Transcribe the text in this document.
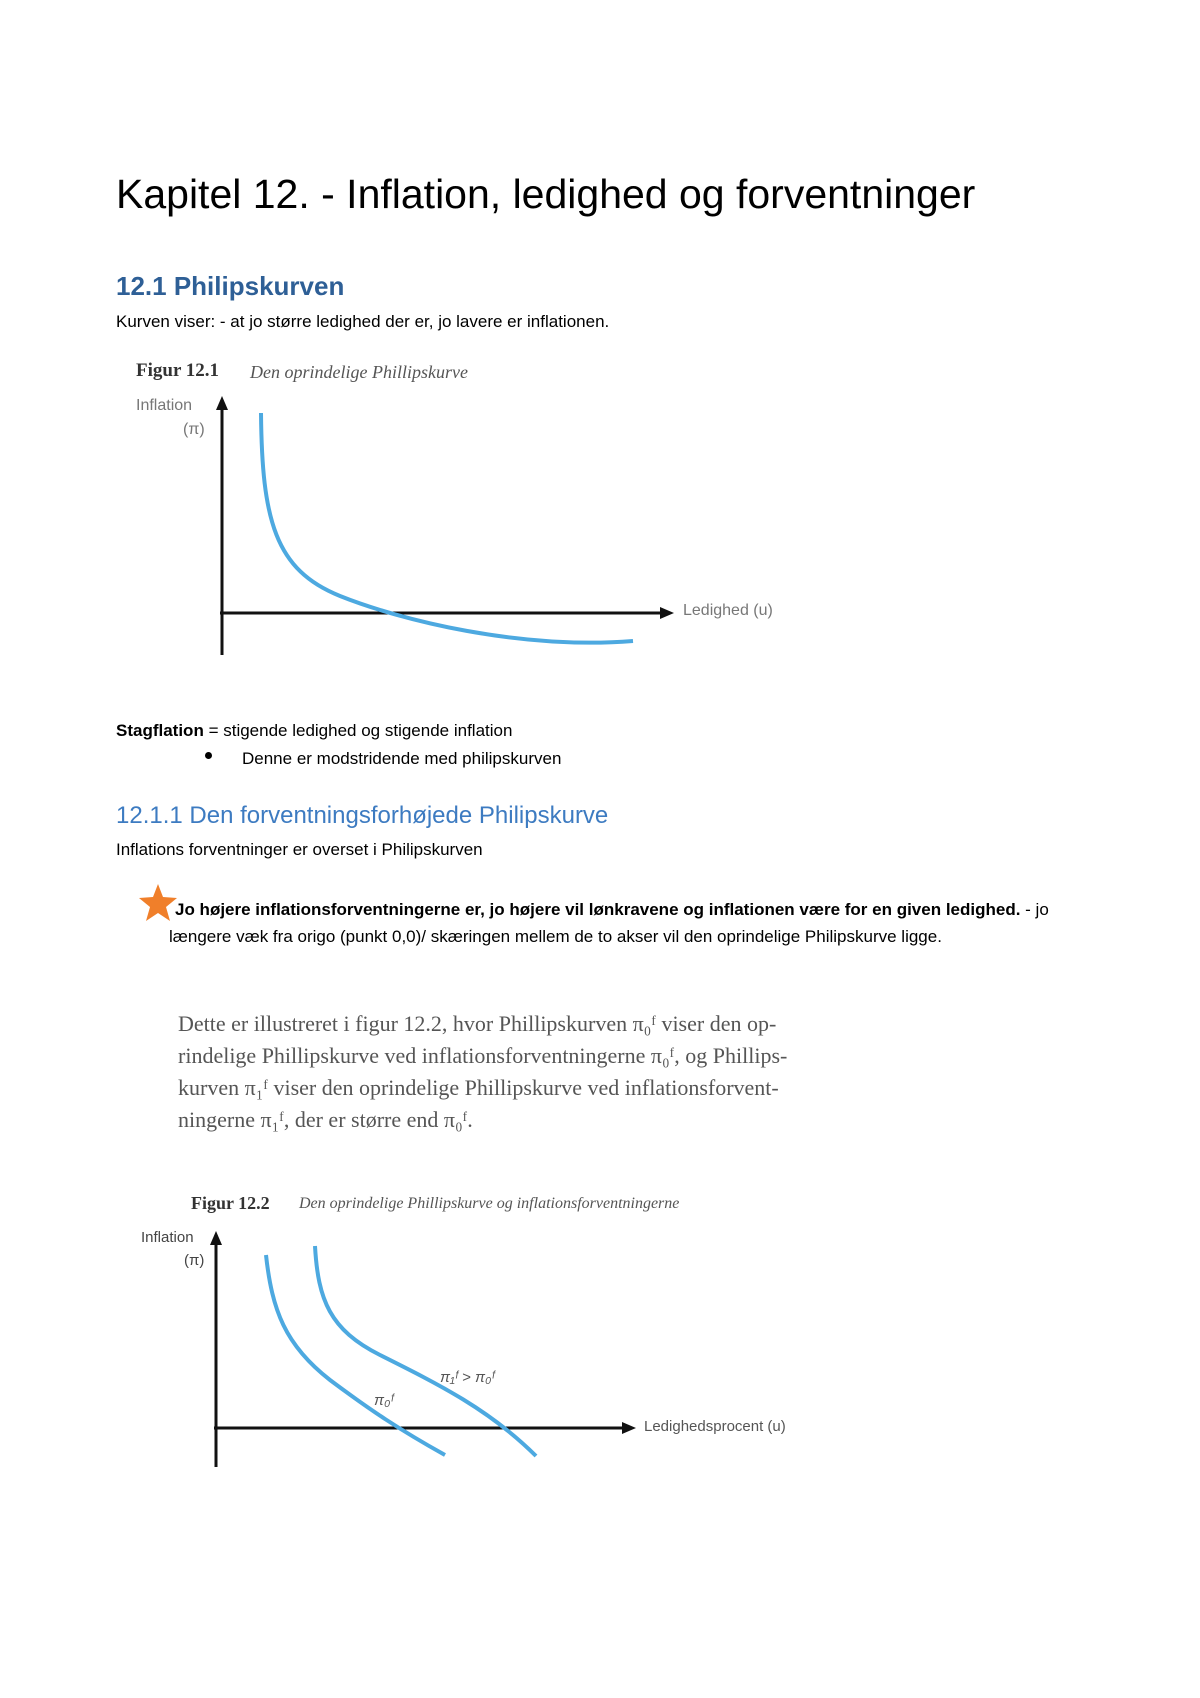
Kapitel 12. - Inflation, ledighed og forventninger
12.1 Philipskurven
Kurven viser: - at jo større ledighed der er, jo lavere er inflationen.
Figur 12.1 Den oprindelige Phillipskurve
Inflation
(π)
Ledighed (u)
Stagflation = stigende ledighed og stigende inflation
Denne er modstridende med philipskurven
12.1.1 Den forventningsforhøjede Philipskurve
Inflations forventninger er overset i Philipskurven
Jo højere inflationsforventningerne er, jo højere vil lønkravene og inflationen være for en given ledighed. - jo længere væk fra origo (punkt 0,0)/ skæringen mellem de to akser vil den oprindelige Philipskurve ligge.
Dette er illustreret i figur 12.2, hvor Phillipskurven π₀ᶠ viser den op-
rindelige Phillipskurve ved inflationsforventningerne π₀ᶠ, og Phillips-
kurven π₁ᶠ viser den oprindelige Phillipskurve ved inflationsforvent-
ningerne π₁ᶠ, der er større end π₀ᶠ.
Figur 12.2 Den oprindelige Phillipskurve og inflationsforventningerne
Inflation
(π)
Ledighedsprocent (u)
π₁ᶠ > π₀ᶠ
π₀ᶠ
